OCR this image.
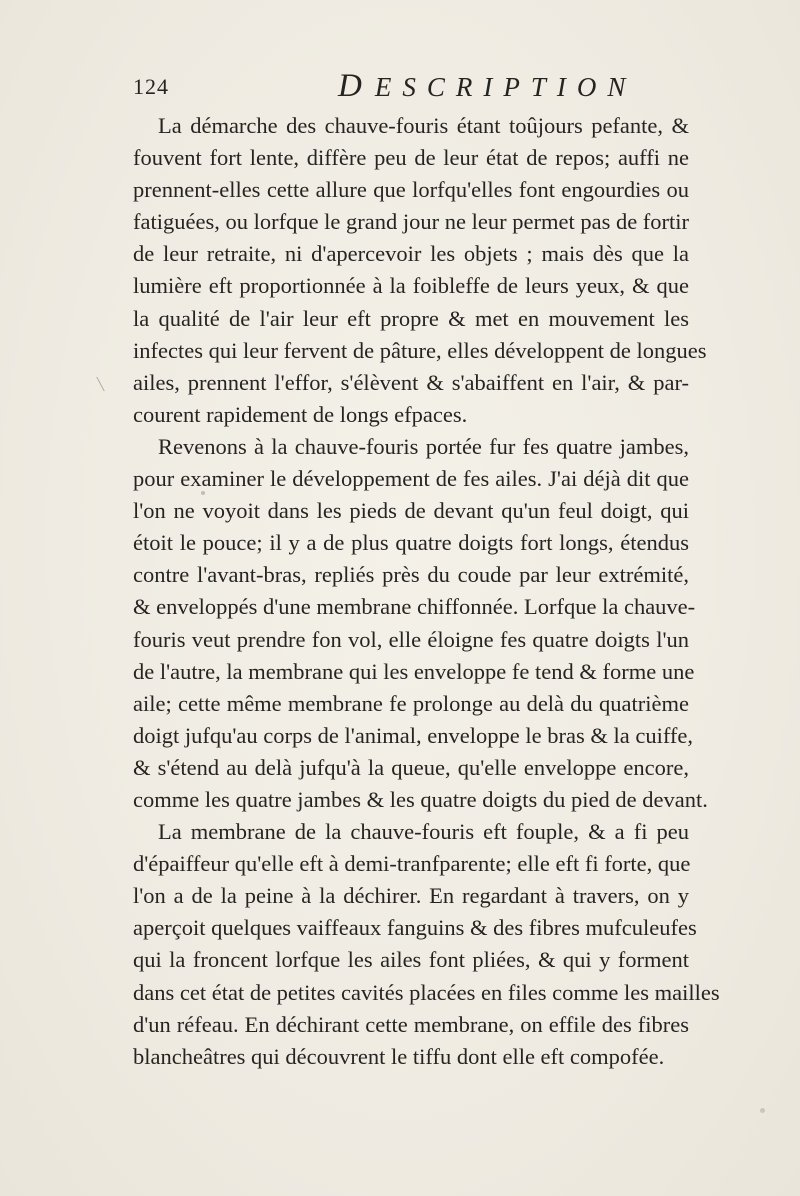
124	DESCRIPTION
La démarche des chauve-fouris étant toûjours pefante, &
fouvent fort lente, diffère peu de leur état de repos; auffi ne
prennent-elles cette allure que lorfqu'elles font engourdies ou
fatiguées, ou lorfque le grand jour ne leur permet pas de fortir
de leur retraite, ni d'apercevoir les objets ; mais dès que la
lumière eft proportionnée à la foibleffe de leurs yeux, & que
la qualité de l'air leur eft propre & met en mouvement les
infectes qui leur fervent de pâture, elles développent de longues
ailes, prennent l'effor, s'élèvent & s'abaiffent en l'air, & par-
courent rapidement de longs efpaces.
Revenons à la chauve-fouris portée fur fes quatre jambes,
pour examiner le développement de fes ailes. J'ai déjà dit que
l'on ne voyoit dans les pieds de devant qu'un feul doigt, qui
étoit le pouce; il y a de plus quatre doigts fort longs, étendus
contre l'avant-bras, repliés près du coude par leur extrémité,
& enveloppés d'une membrane chiffonnée. Lorfque la chauve-
fouris veut prendre fon vol, elle éloigne fes quatre doigts l'un
de l'autre, la membrane qui les enveloppe fe tend & forme une
aile; cette même membrane fe prolonge au delà du quatrième
doigt jufqu'au corps de l'animal, enveloppe le bras & la cuiffe,
& s'étend au delà jufqu'à la queue, qu'elle enveloppe encore,
comme les quatre jambes & les quatre doigts du pied de devant.
La membrane de la chauve-fouris eft fouple, & a fi peu
d'épaiffeur qu'elle eft à demi-tranfparente; elle eft fi forte, que
l'on a de la peine à la déchirer. En regardant à travers, on y
aperçoit quelques vaiffeaux fanguins & des fibres mufculeufes
qui la froncent lorfque les ailes font pliées, & qui y forment
dans cet état de petites cavités placées en files comme les mailles
d'un réfeau. En déchirant cette membrane, on effile des fibres
blancheâtres qui découvrent le tiffu dont elle eft compofée.
